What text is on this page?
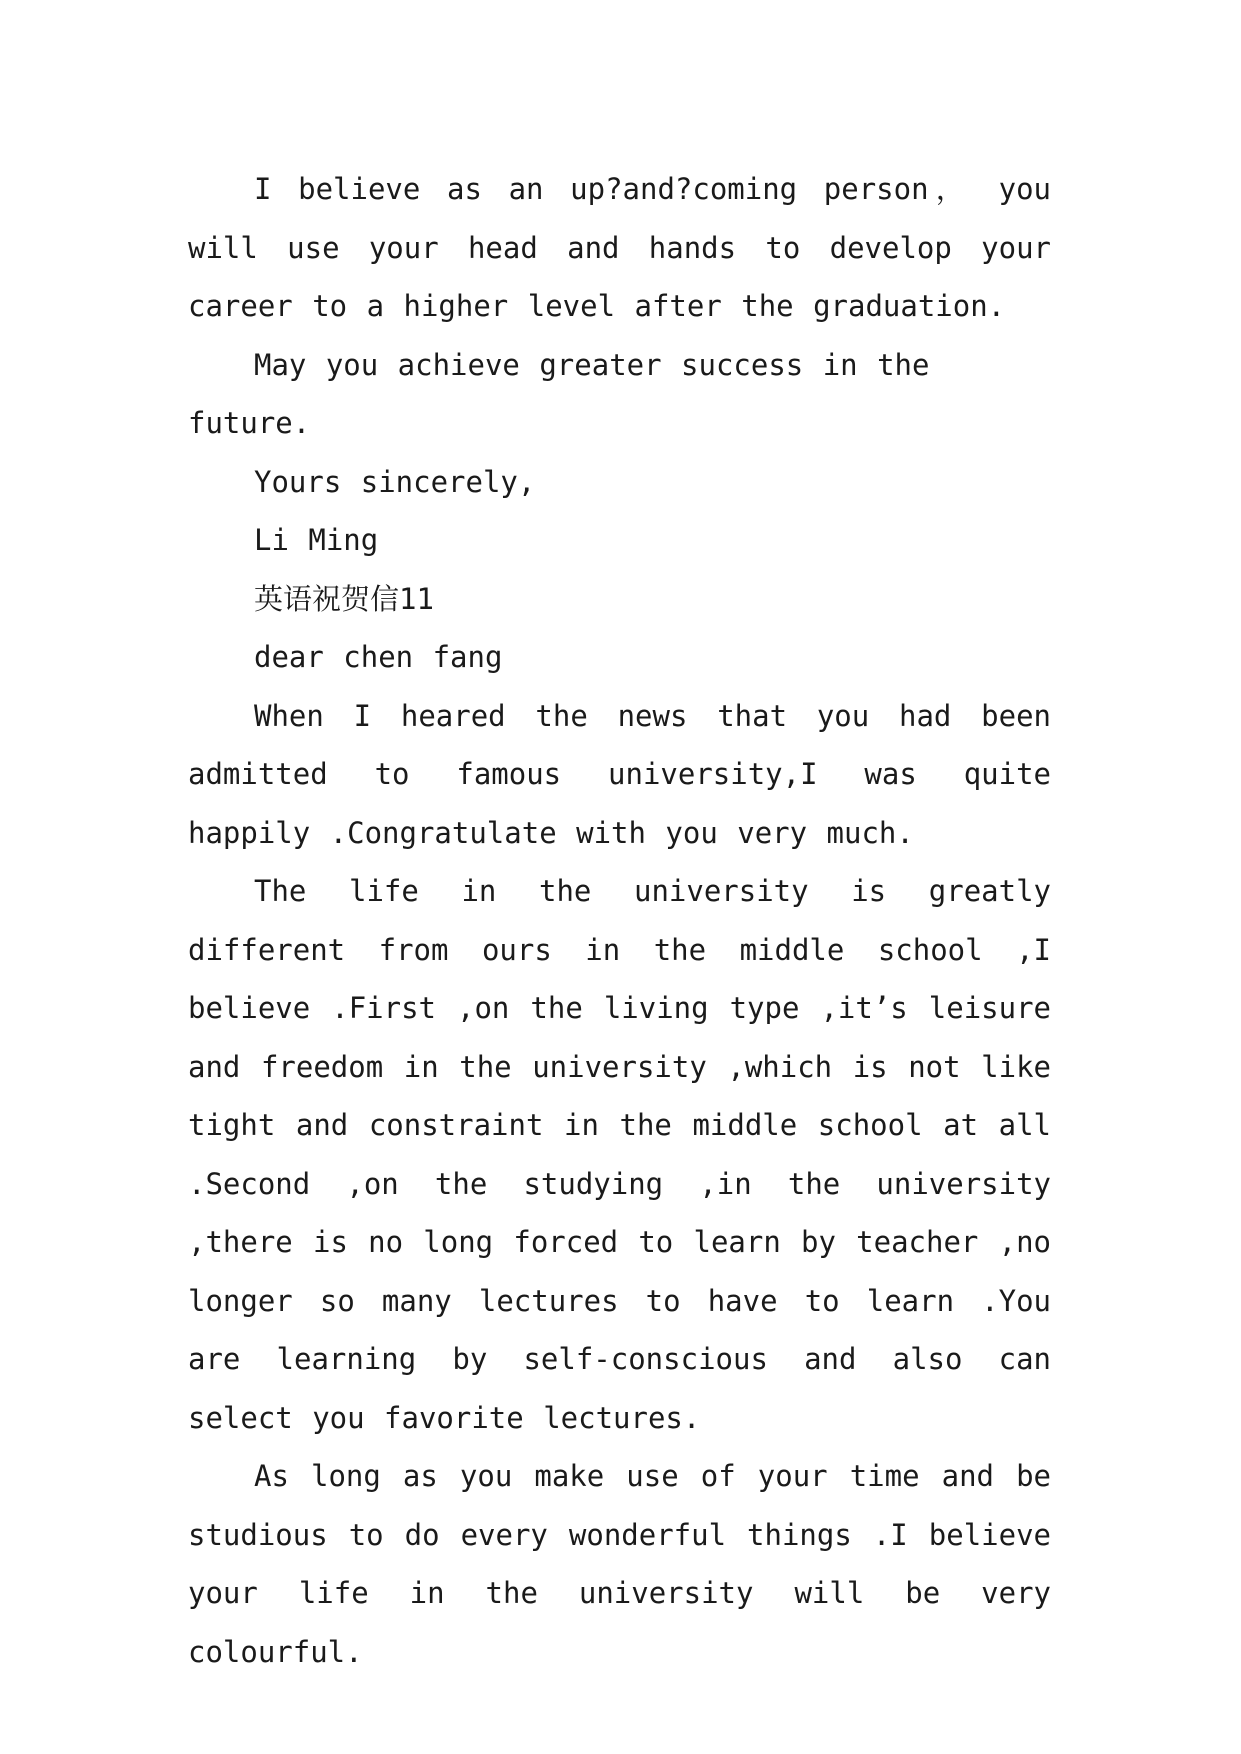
I believe as an up?and?coming person， you will use your head and hands to develop your career to a higher level after the graduation.

May you achieve greater success in the future.

Yours sincerely,

Li Ming

英语祝贺信11

dear chen fang

When I heared the news that you had been admitted to famous university,I was quite happily .Congratulate with you very much.

The life in the university is greatly different from ours in the middle school ,I believe .First ,on the living type ,it’s leisure and freedom in the university ,which is not like tight and constraint in the middle school at all .Second ,on the studying ,in the university ,there is no long forced to learn by teacher ,no longer so many lectures to have to learn .You are learning by self-conscious and also can select you favorite lectures.

As long as you make use of your time and be studious to do every wonderful things .I believe your life in the university will be very colourful.
